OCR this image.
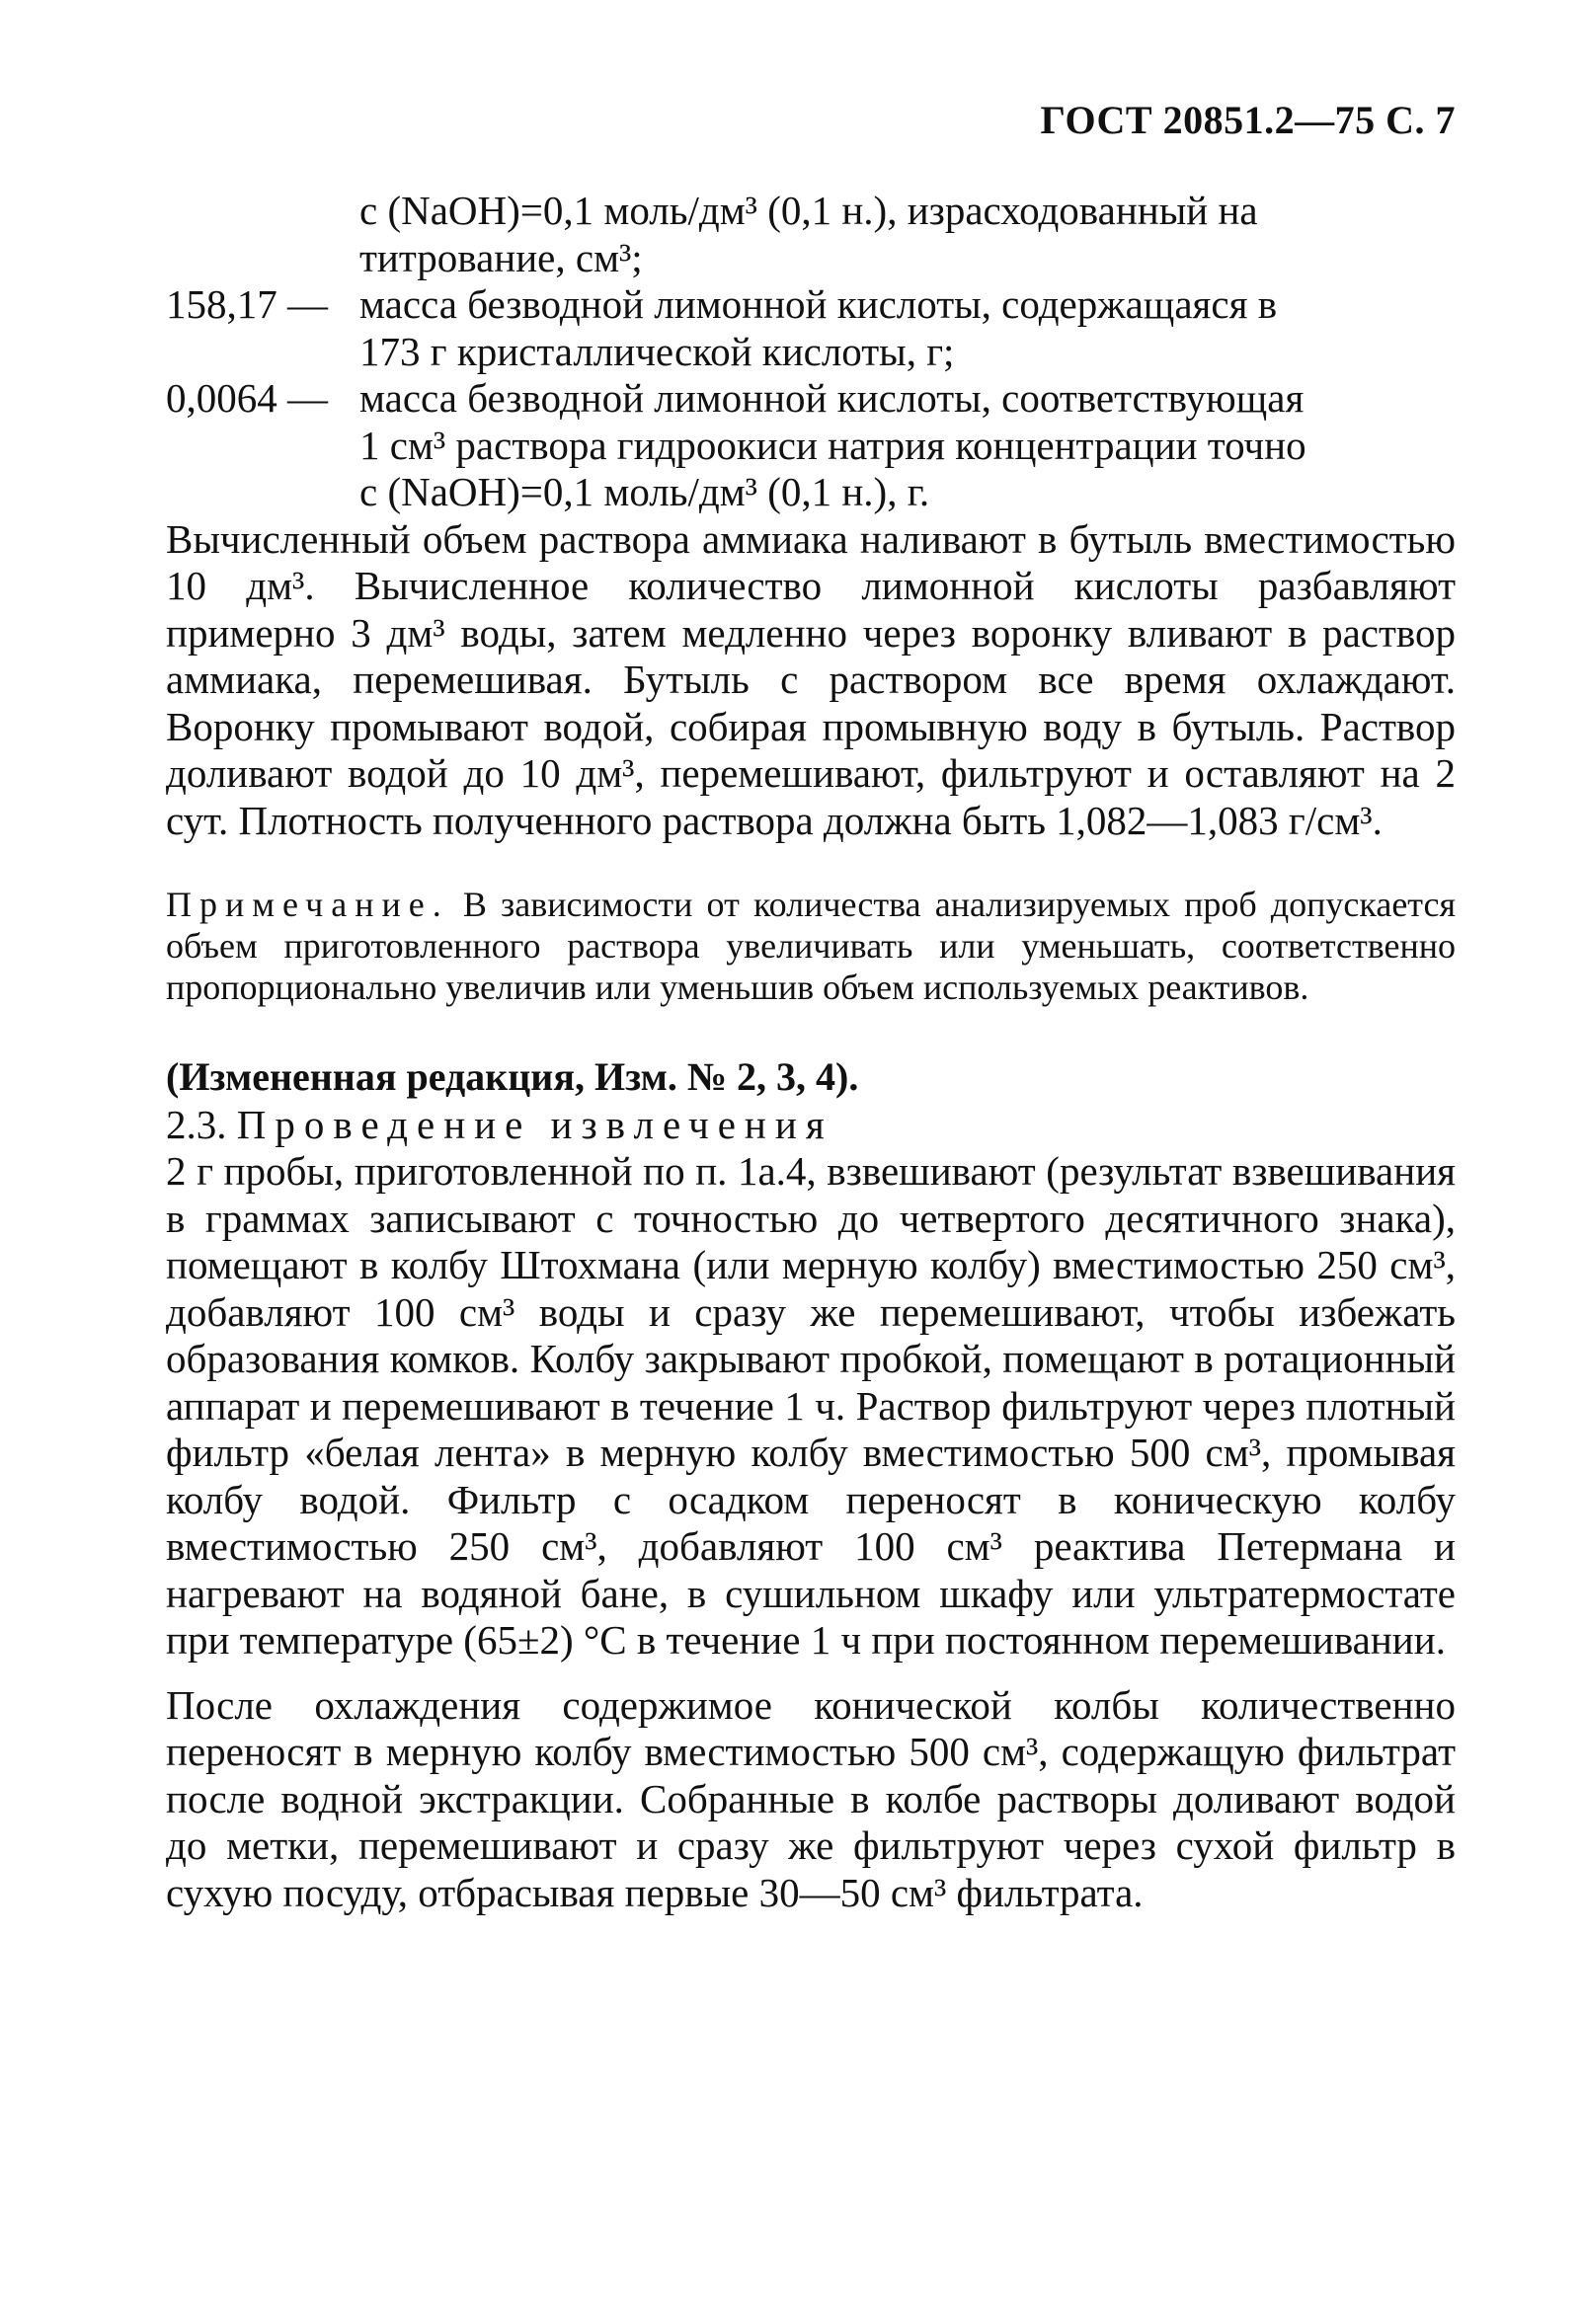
ГОСТ 20851.2—75 С. 7
c (NaOH)=0,1 моль/дм³ (0,1 н.), израсходованный на
титрование, см³;
158,17 — масса безводной лимонной кислоты, содержащаяся в
173 г кристаллической кислоты, г;
0,0064 — масса безводной лимонной кислоты, соответствующая
1 см³ раствора гидроокиси натрия концентрации точно
c (NaOH)=0,1 моль/дм³ (0,1 н.), г.

Вычисленный объем раствора аммиака наливают в бутыль вместимостью 10 дм³. Вычисленное количество лимонной кислоты разбавляют примерно 3 дм³ воды, затем медленно через воронку вливают в раствор аммиака, перемешивая. Бутыль с раствором все время охлаждают. Воронку промывают водой, собирая промывную воду в бутыль. Раствор доливают водой до 10 дм³, перемешивают, фильтруют и оставляют на 2 сут. Плотность полученного раствора должна быть 1,082—1,083 г/см³.

Примечание. В зависимости от количества анализируемых проб допускается объем приготовленного раствора увеличивать или уменьшать, соответственно пропорционально увеличив или уменьшив объем используемых реактивов.

(Измененная редакция, Изм. № 2, 3, 4).

2.3. Проведение извлечения

2 г пробы, приготовленной по п. 1а.4, взвешивают (результат взвешивания в граммах записывают с точностью до четвертого десятичного знака), помещают в колбу Штохмана (или мерную колбу) вместимостью 250 см³, добавляют 100 см³ воды и сразу же перемешивают, чтобы избежать образования комков. Колбу закрывают пробкой, помещают в ротационный аппарат и перемешивают в течение 1 ч. Раствор фильтруют через плотный фильтр «белая лента» в мерную колбу вместимостью 500 см³, промывая колбу водой. Фильтр с осадком переносят в коническую колбу вместимостью 250 см³, добавляют 100 см³ реактива Петермана и нагревают на водяной бане, в сушильном шкафу или ультратермостате при температуре (65±2) °С в течение 1 ч при постоянном перемешивании.

После охлаждения содержимое конической колбы количественно переносят в мерную колбу вместимостью 500 см³, содержащую фильтрат после водной экстракции. Собранные в колбе растворы доливают водой до метки, перемешивают и сразу же фильтруют через сухой фильтр в сухую посуду, отбрасывая первые 30—50 см³ фильтрата.
